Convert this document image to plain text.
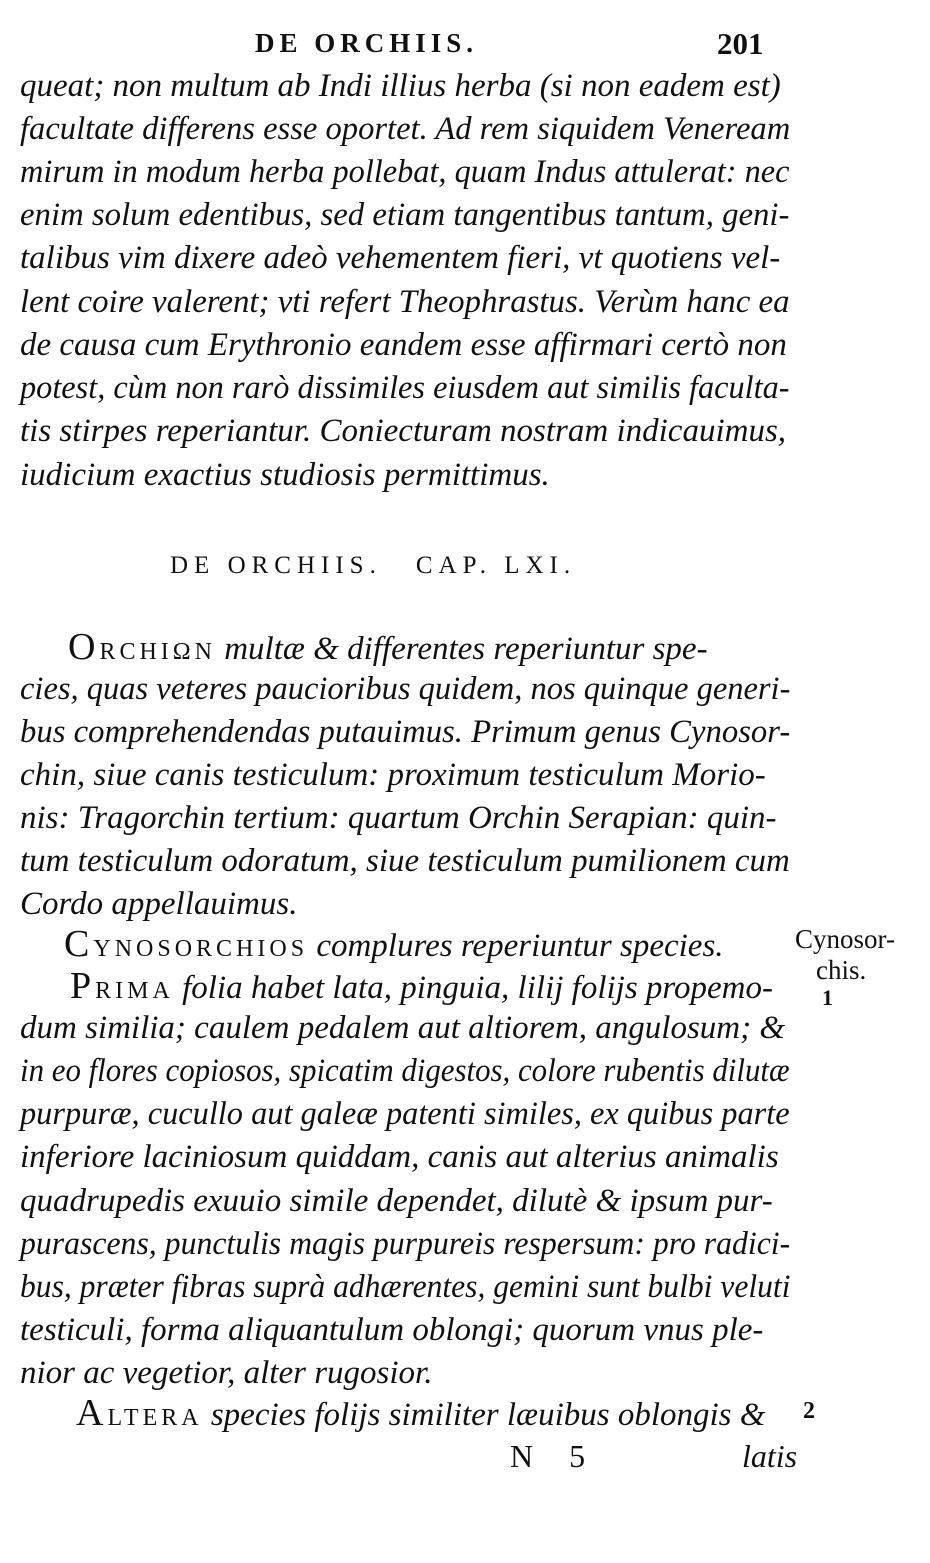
DE ORCHIIS.	201
queat; non multum ab Indi illius herba (si non eadem est)
facultate differens esse oportet. Ad rem siquidem Veneream
mirum in modum herba pollebat, quam Indus attulerat: nec
enim solum edentibus, sed etiam tangentibus tantum, geni-
talibus vim dixere adeò vehementem fieri, vt quotiens vel-
lent coire valerent; vti refert Theophrastus. Verùm hanc ea
de causa cum Erythronio eandem esse affirmari certò non
potest, cùm non rarò dissimiles eiusdem aut similis faculta-
tis stirpes reperiantur. Coniecturam nostram indicauimus,
iudicium exactius studiosis permittimus.
DE ORCHIIS. CAP. LXI.
ORCHIΩN multæ & differentes reperiuntur spe-
cies, quas veteres paucioribus quidem, nos quinque generi-
bus comprehendendas putauimus. Primum genus Cynosor-
chin, siue canis testiculum: proximum testiculum Morio-
nis: Tragorchin tertium: quartum Orchin Serapian: quin-
tum testiculum odoratum, siue testiculum pumilionem cum
Cordo appellauimus.
CYNOSORCHIOS complures reperiuntur species.
PRIMA folia habet lata, pinguia, lilij folijs propemo-
dum similia; caulem pedalem aut altiorem, angulosum; &
in eo flores copiosos, spicatim digestos, colore rubentis dilutæ
purpuræ, cucullo aut galeæ patenti similes, ex quibus parte
inferiore laciniosum quiddam, canis aut alterius animalis
quadrupedis exuuio simile dependet, dilutè & ipsum pur-
purascens, punctulis magis purpureis respersum: pro radici-
bus, præter fibras suprà adhærentes, gemini sunt bulbi veluti
testiculi, forma aliquantulum oblongi; quorum vnus ple-
nior ac vegetior, alter rugosior.
ALTERA species folijs similiter læuibus oblongis &
Cynosor-
chis.
1
2
N 5	latis
